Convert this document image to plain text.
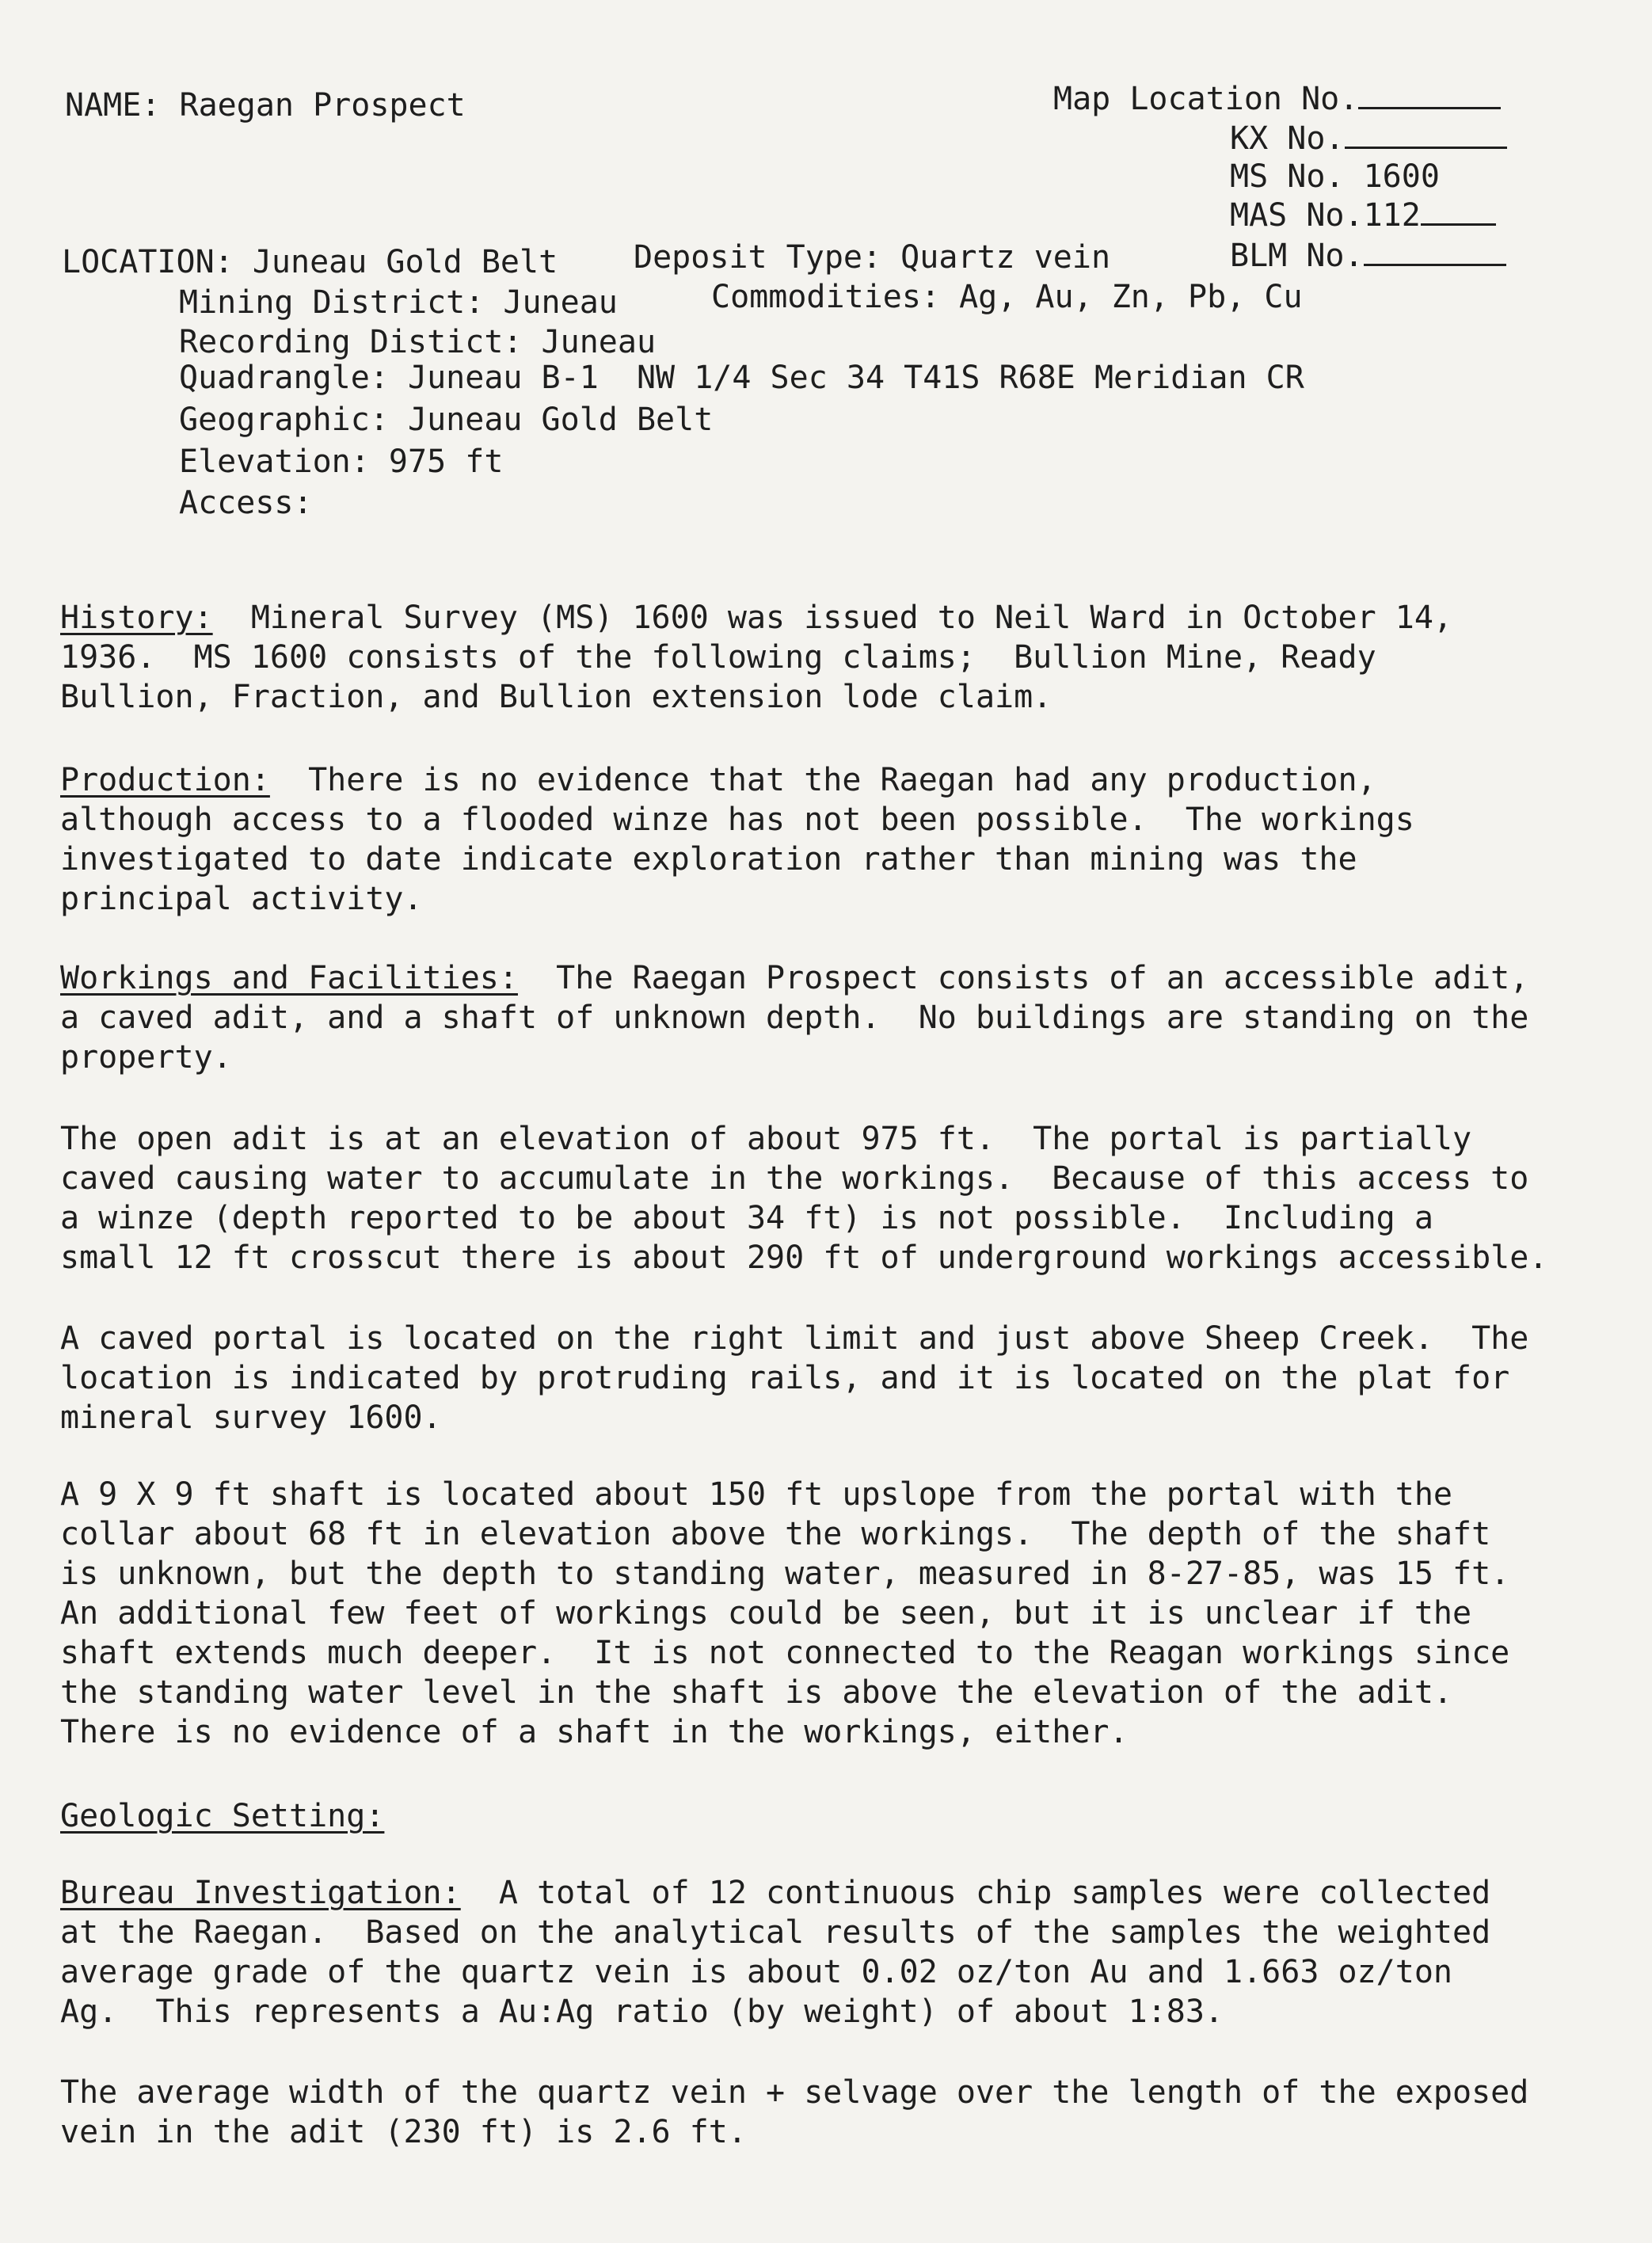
NAME: Raegan Prospect	Map Location No.
KX No.
MS No. 1600
MAS No.112
BLM No.
LOCATION: Juneau Gold Belt Deposit Type: Quartz vein
Mining District: Juneau	Commodities: Ag, Au, Zn, Pb, Cu
Recording Distict: Juneau
Quadrangle: Juneau B-1  NW 1/4 Sec 34 T41S R68E Meridian CR
Geographic: Juneau Gold Belt
Elevation: 975 ft
Access:
History:  Mineral Survey (MS) 1600 was issued to Neil Ward in October 14,
1936.  MS 1600 consists of the following claims;  Bullion Mine, Ready
Bullion, Fraction, and Bullion extension lode claim.
Production:  There is no evidence that the Raegan had any production,
although access to a flooded winze has not been possible.  The workings
investigated to date indicate exploration rather than mining was the
principal activity.
Workings and Facilities:  The Raegan Prospect consists of an accessible adit,
a caved adit, and a shaft of unknown depth.  No buildings are standing on the
property.
The open adit is at an elevation of about 975 ft.  The portal is partially
caved causing water to accumulate in the workings.  Because of this access to
a winze (depth reported to be about 34 ft) is not possible.  Including a
small 12 ft crosscut there is about 290 ft of underground workings accessible.
A caved portal is located on the right limit and just above Sheep Creek.  The
location is indicated by protruding rails, and it is located on the plat for
mineral survey 1600.
A 9 X 9 ft shaft is located about 150 ft upslope from the portal with the
collar about 68 ft in elevation above the workings.  The depth of the shaft
is unknown, but the depth to standing water, measured in 8-27-85, was 15 ft.
An additional few feet of workings could be seen, but it is unclear if the
shaft extends much deeper.  It is not connected to the Reagan workings since
the standing water level in the shaft is above the elevation of the adit.
There is no evidence of a shaft in the workings, either.
Geologic Setting:
Bureau Investigation:  A total of 12 continuous chip samples were collected
at the Raegan.  Based on the analytical results of the samples the weighted
average grade of the quartz vein is about 0.02 oz/ton Au and 1.663 oz/ton
Ag.  This represents a Au:Ag ratio (by weight) of about 1:83.
The average width of the quartz vein + selvage over the length of the exposed
vein in the adit (230 ft) is 2.6 ft.
